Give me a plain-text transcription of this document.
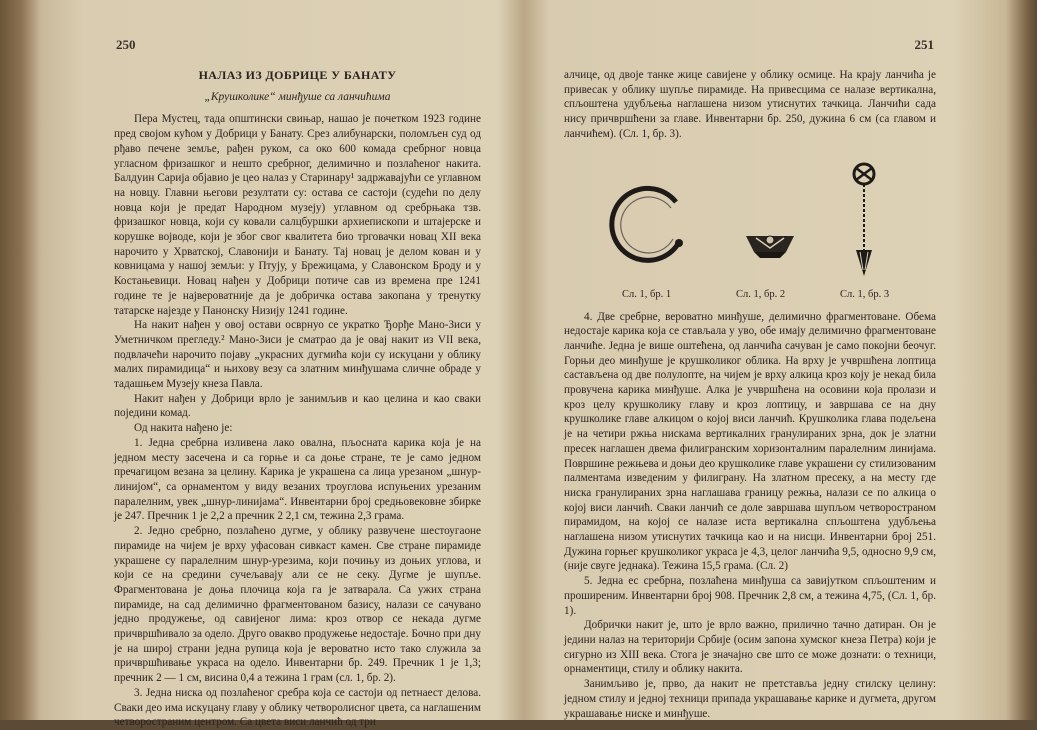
250
НАЛАЗ ИЗ ДОБРИЦЕ У БАНАТУ
„Крушколике“ минђуше са ланчићима

Пера Мустец, тада општински свињар, нашао је почетком 1923 године пред својом кућом у Добрици у Банату. Срез алибунарски, поломљен суд од рђаво печене земље, рађен руком, са око 600 комада сребрног новца угласном фризашког и нешто сребрног, делимично и позлаћеног накита. Балдуин Сарија објавио је цео налаз у Старинару¹ задржавајући се углавном на новцу. Главни његови резултати су: остава се састоји (судећи по делу новца који је предат Народном музеју) углавном од сребрњака тзв. фризашког новца, који су ковали салцбуршки архиепископи и штајерске и корушке војводе, који је због свог квалитета био трговачки новац XII века нарочито у Хрватској, Славонији и Банату. Тај новац је делом кован и у ковницама у нашој земљи: у Птују, у Брежицама, у Славонском Броду и у Костањевици. Новац нађен у Добрици потиче сав из времена пре 1241 године те је највероватније да је добричка остава закопана у тренутку татарске најезде у Панонску Низију 1241 године.

На накит нађен у овој остави осврнуо се укратко Ђорђе Мано-Зиси у Уметничком прегледу.² Мано-Зиси је сматрао да је овај накит из VII века, подвлачећи нарочито појаву „украсних дугмића који су искуцани у облику малих пирамидица“ и њихову везу са златним минђушама сличне обраде у тадашњем Музеју кнеза Павла.

Накит нађен у Добрици врло је занимљив и као целина и као сваки поједини комад.

Од накита нађено је:

1. Једна сребрна изливена лако овална, пљосната карика која је на једном месту засечена и са горње и са доње стране, те је само једном пречагицом везана за целину. Карика је украшена са лица урезаном „шнур-линијом“, са орнаментом у виду везаних троуглова испуњених урезаним паралелним, увек „шнур-линијама“. Инвентарни број средњовековне збирке је 247. Пречник 1 је 2,2 а пречник 2 2,1 см, тежина 2,3 грама.

2. Једно сребрно, позлаћено дугме, у облику развучене шестоугаоне пирамиде на чијем је врху уфасован сивкаст камен. Све стране пирамиде украшене су паралелним шнур-урезима, који почињу из доњих углова, и који се на средини сучељавају али се не секу. Дугме је шупље. Фрагментована је доња плочица која га је затварала. Са ужих страна пирамиде, на сад делимично фрагментованом базису, налази се сачувано једно продужење, од савијеног лима: кроз отвор се некада дугме причвршћивало за одело. Друго овакво продужење недостаје. Бочно при дну је на широј страни једна рупица која је вероватно исто тако служила за причвршћивање украса на одело. Инвентарни бр. 249. Пречник 1 је 1,3; пречник 2 — 1 см, висина 0,4 а тежина 1 грам (сл. 1, бр. 2).

3. Једна ниска од позлаћеног сребра која се састоји од петнаест делова. Сваки део има искуцану главу у облику четворолисног цвета, са наглашеним четвоространим центром. Са цвета виси ланчић од три

251

алчице, од двоје танке жице савијене у облику осмице. На крају ланчића је привесак у облику шупље пирамиде. На привесцима се налазе вертикална, спљоштена удубљења наглашена низом утиснутих тачкица. Ланчићи сада нису причвршћени за главе. Инвентарни бр. 250, дужина 6 см (са главом и ланчићем). (Сл. 1, бр. 3).

Сл. 1, бр. 1	Сл. 1, бр. 2	Сл. 1, бр. 3

4. Две сребрне, вероватно минђуше, делимично фрагментоване. Обема недостаје карика која се стављала у уво, обе имају делимично фрагментоване ланчиће. Једна је више оштећена, од ланчића сачуван је само покојни беочуг. Горњи део минђуше је крушколиког облика. На врху је учвршћена лоптица састављена од две полулопте, на чијем је врху алкица кроз коју је некад била провучена карика минђуше. Алка је учвршћена на осовини која пролази и кроз целу крушколику главу и кроз лоптицу, и завршава се на дну крушколике главе алкицом о којој виси ланчић. Крушколика глава подељена је на четири ржња нискама вертикалних гранулираних зрна, док је златни пресек наглашен двема филигранским хоризонталним паралелним линијама. Површине режњева и доњи део крушколике главе украшени су стилизованим палментама изведеним у филиграну. На златном пресеку, а на месту где ниска гранулираних зрна наглашава границу режња, налази се по алкица о којој виси ланчић. Сваки ланчић се доле завршава шупљом четвоространом пирамидом, на којој се налазе иста вертикална спљоштена удубљења наглашена низом утиснутих тачкица као и на нисци. Инвентарни број 251. Дужина горњег крушколиког украса је 4,3, целог ланчића 9,5, односно 9,9 см, (није свуге једнака). Тежина 15,5 грама. (Сл. 2)

5. Једна ес сребрна, позлаћена минђуша са завијутком спљоштеним и проширеним. Инвентарни број 908. Пречник 2,8 см, а тежина 4,75, (Сл. 1, бр. 1).

Добрички накит је, што је врло важно, прилично тачно датиран. Он је једини налаз на територији Србије (осим запона хумског кнеза Петра) који је сигурно из XIII века. Стога је значајно све што се може дознати: о техници, орнаментици, стилу и облику накита.

Занимљиво је, прво, да накит не претставља једну стилску целину: једном стилу и једној техници припада украшавање карике и дугмета, другом украшавање ниске и минђуше.
